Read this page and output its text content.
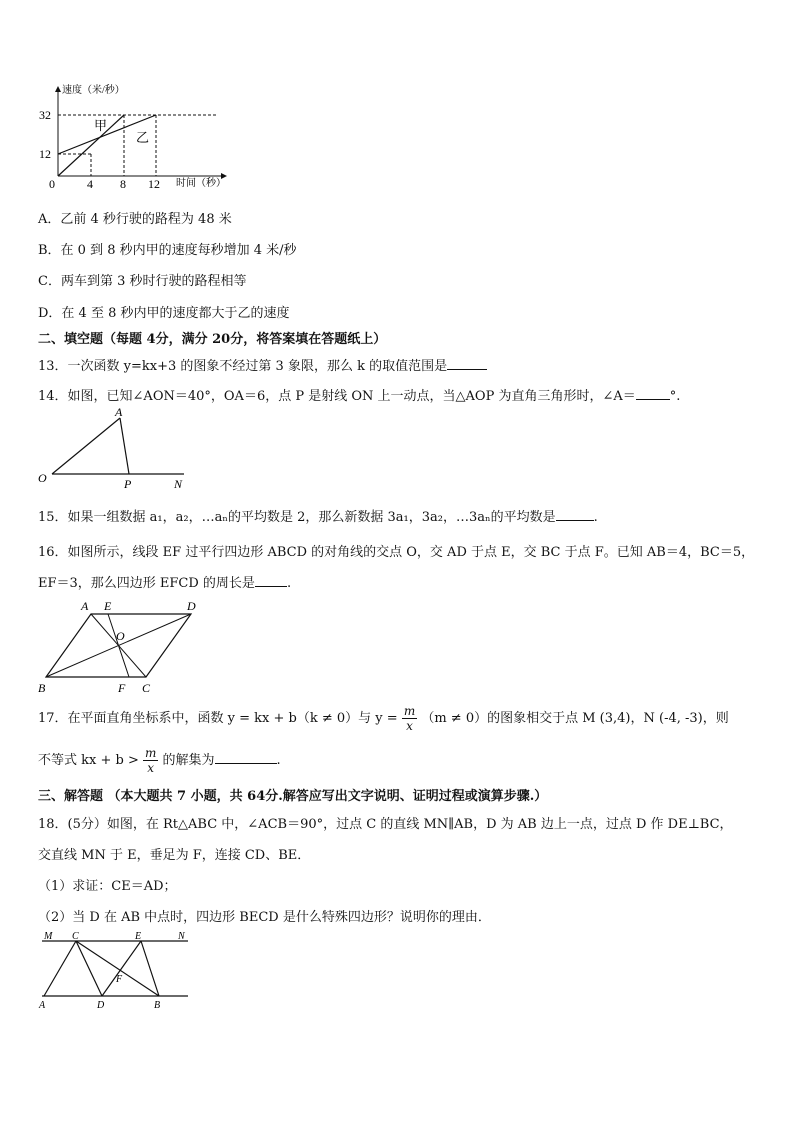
速度（米/秒）
时间（秒）
32
12
0	4 8 12
甲
乙
A．乙前 4 秒行驶的路程为 48 米
B．在 0 到 8 秒内甲的速度每秒增加 4 米/秒
C．两车到第 3 秒时行驶的路程相等
D．在 4 至 8 秒内甲的速度都大于乙的速度
二、填空题（每题 4分，满分 20分，将答案填在答题纸上）
13．一次函数 y=kx+3 的图象不经过第 3 象限，那么 k 的取值范围是
14．如图，已知∠AON＝40°，OA＝6，点 P 是射线 ON 上一动点，当△AOP 为直角三角形时，∠A＝	°.
A
O	P	N
15．如果一组数据 a₁，a₂，…aₙ的平均数是 2，那么新数据 3a₁，3a₂，…3aₙ的平均数是	.
16．如图所示，线段 EF 过平行四边形 ABCD 的对角线的交点 O，交 AD 于点 E，交 BC 于点 F。已知 AB＝4，BC＝5，
EF＝3，那么四边形 EFCD 的周长是 .
A E	D
O
B	F C
17．在平面直角坐标系中，函数 y = kx + b（k ≠ 0）与 $y = \frac{m}{x} (m \ne 0)$的图象相交于点 M (3,4)，N (-4, -3)，则
不等式 kx + $b > \frac{m}{x}$ 的解集为	.
三、解答题 （本大题共 7 小题，共 64分.解答应写出文字说明、证明过程或演算步骤.）
18．(5分）如图，在 Rt△ABC 中，∠ACB＝90°，过点 C 的直线 MN∥AB，D 为 AB 边上一点，过点 D 作 DE⊥BC，
交直线 MN 于 E，垂足为 F，连接 CD、BE．
（1）求证：CE＝AD；
（2）当 D 在 AB 中点时，四边形 BECD 是什么特殊四边形？说明你的理由．
M C	E	N
F
A	D	B
